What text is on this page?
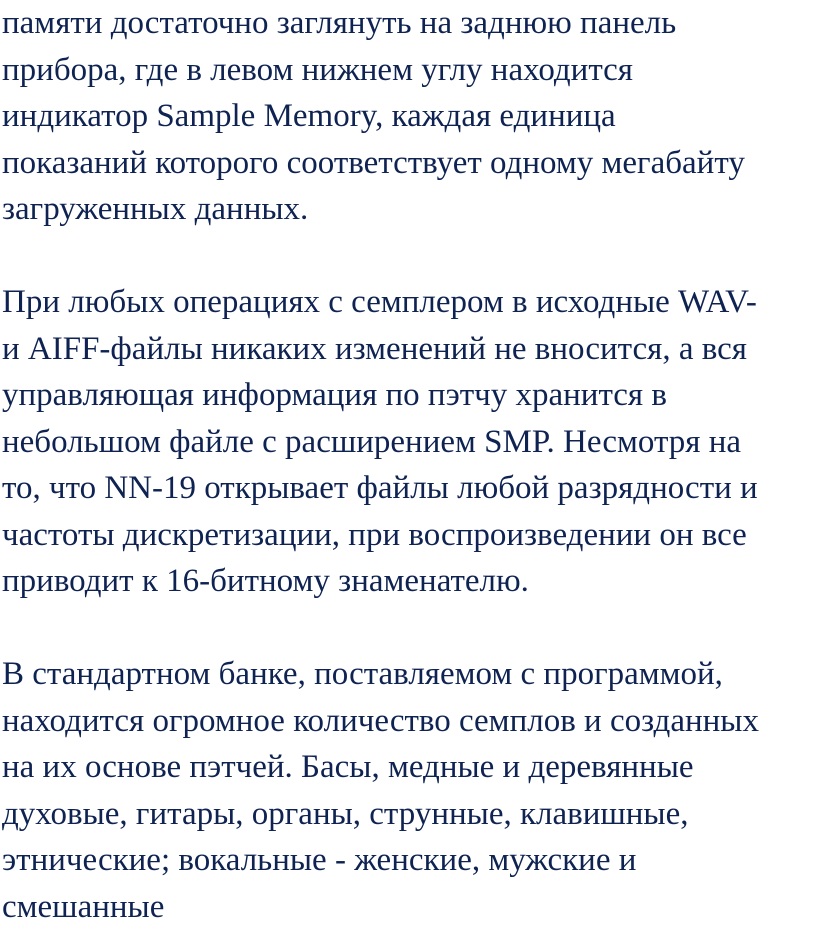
памяти достаточно заглянуть на заднюю панель
прибора, где в левом нижнем углу находится
индикатор Sample Memory, каждая единица
показаний которого соответствует одному мегабайту
загруженных данных.

При любых операциях с семплером в исходные WAV-
и AIFF-файлы никаких изменений не вносится, а вся
управляющая информация по пэтчу хранится в
небольшом файле с расширением SMP. Несмотря на
то, что NN-19 открывает файлы любой разрядности и
частоты дискретизации, при воспроизведении он все
приводит к 16-битному знаменателю.

В стандартном банке, поставляемом с программой,
находится огромное количество семплов и созданных
на их основе пэтчей. Басы, медные и деревянные
духовые, гитары, органы, струнные, клавишные,
этнические; вокальные - женские, мужские и
смешанные
